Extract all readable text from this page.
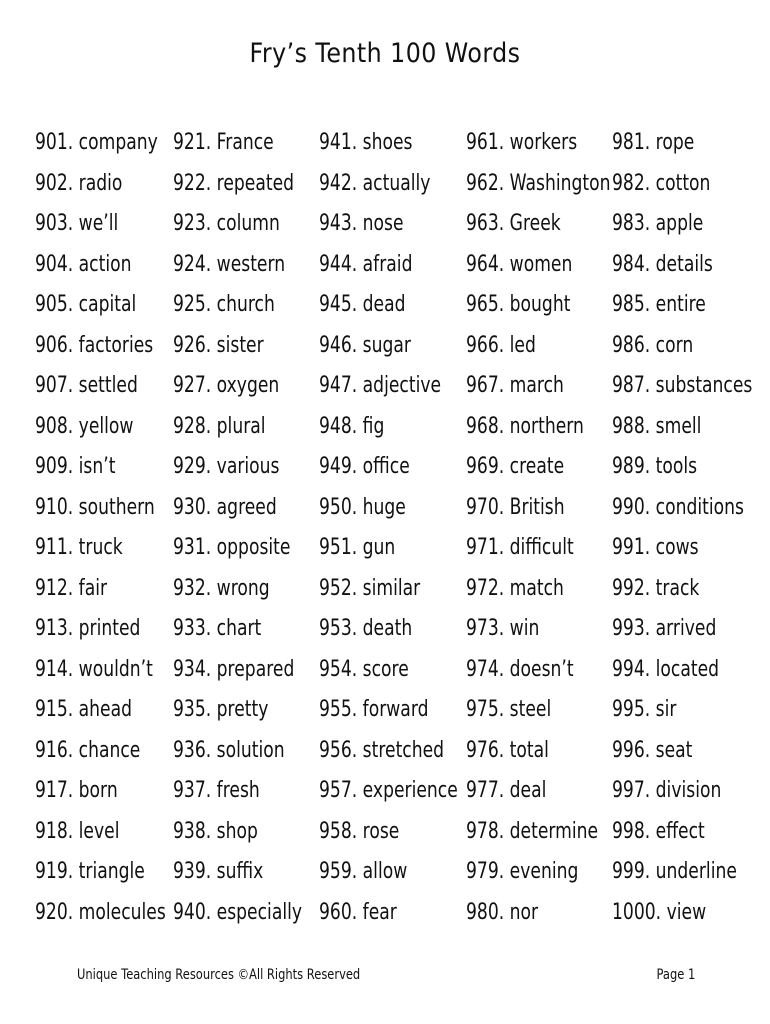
Fry’s Tenth 100 Words
901. company
902. radio
903. we’ll
904. action
905. capital
906. factories
907. settled
908. yellow
909. isn’t
910. southern
911. truck
912. fair
913. printed
914. wouldn’t
915. ahead
916. chance
917. born
918. level
919. triangle
920. molecules
921. France
922. repeated
923. column
924. western
925. church
926. sister
927. oxygen
928. plural
929. various
930. agreed
931. opposite
932. wrong
933. chart
934. prepared
935. pretty
936. solution
937. fresh
938. shop
939. suffix
940. especially
941. shoes
942. actually
943. nose
944. afraid
945. dead
946. sugar
947. adjective
948. fig
949. office
950. huge
951. gun
952. similar
953. death
954. score
955. forward
956. stretched
957. experience
958. rose
959. allow
960. fear
961. workers
962. Washington
963. Greek
964. women
965. bought
966. led
967. march
968. northern
969. create
970. British
971. difficult
972. match
973. win
974. doesn’t
975. steel
976. total
977. deal
978. determine
979. evening
980. nor
981. rope
982. cotton
983. apple
984. details
985. entire
986. corn
987. substances
988. smell
989. tools
990. conditions
991. cows
992. track
993. arrived
994. located
995. sir
996. seat
997. division
998. effect
999. underline
1000. view
Unique Teaching Resources ©All Rights Reserved	Page 1
